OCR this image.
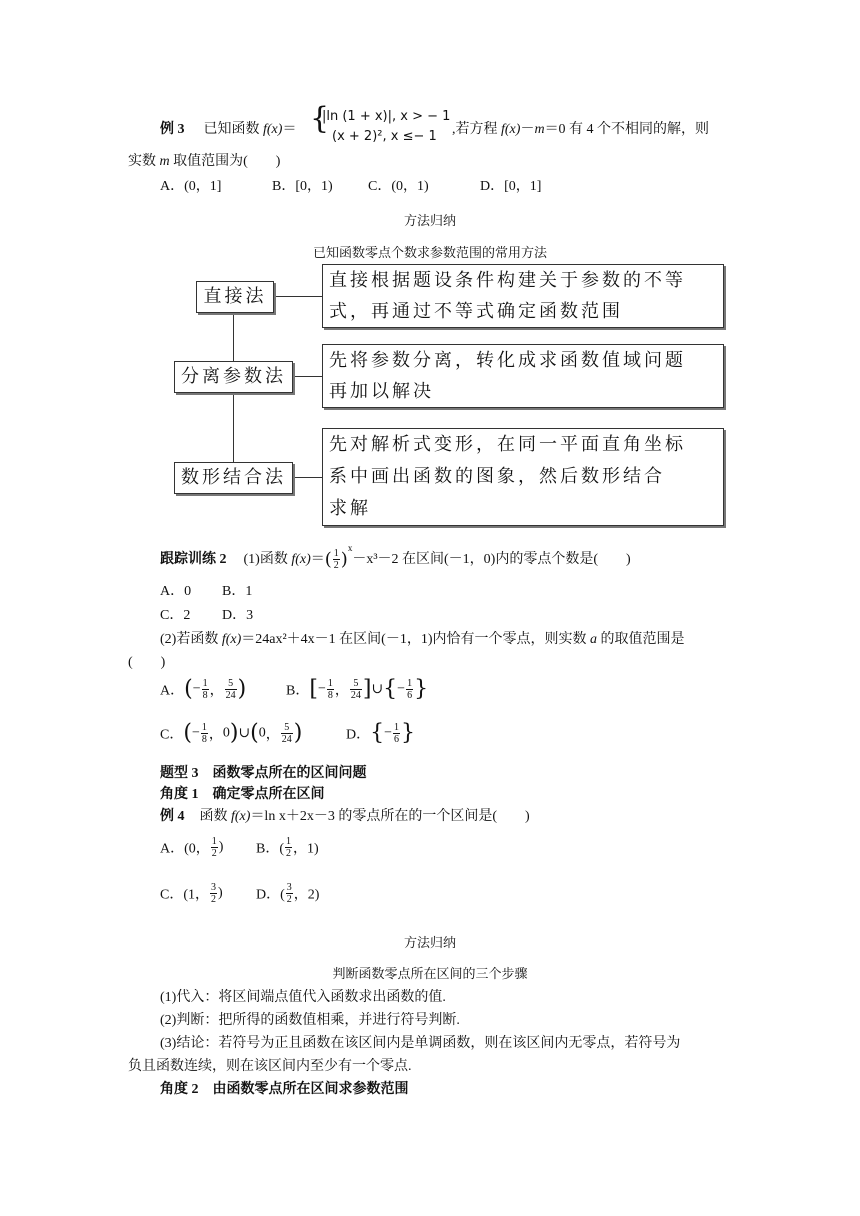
例 3 已知函数 f(x)＝ {
|ln (1 + x)|, x > − 1
(x + 2)², x ≤− 1 ,若方程 f(x)－m＝0 有 4 个不相同的解，则
实数 m 取值范围为(　　)
A．(0，1]	B．[0，1)	C．(0，1)	D．[0，1]
方法归纳
已知函数零点个数求参数范围的常用方法
直接法
直接根据题设条件构建关于参数的不等
式，再通过不等式确定函数范围
分离参数法
先将参数分离，转化成求函数值域问题
再加以解决
数形结合法
先对解析式变形，在同一平面直角坐标
系中画出函数的图象，然后数形结合
求解
跟踪训练 2 (1)函数 $f(x)=( \frac{1}{2} )^x-x^3-2$ 在区间(－1，0)内的零点个数是(　　)
A．0 B．1
C．2 D．3
(2)若函数 f(x)＝24ax²＋4x－1 在区间(－1，1)内恰有一个零点，则实数 a 的取值范围是
(　　)
A．(− $\frac{1}{8}$ ， $\frac{5}{24}$ )	B．[− $\frac{1}{8}$ ， $\frac{5}{24}$ ]∪{− $\frac{1}{6}$ }
C．(− $\frac{1}{8}$ ，0)∪(0， $\frac{5}{24}$ )	D．{− $\frac{1}{6}$ }
题型 3　函数零点所在的区间问题
角度 1　确定零点所在区间
例 4 函数 f(x)＝ln x＋2x－3 的零点所在的一个区间是(　　)
A．(0， $\frac{1}{2}$ ) B．( $\frac{1}{2}$ ，1)
C．(1， $\frac{3}{2}$ ) D．( $\frac{3}{2}$ ，2)
方法归纳
判断函数零点所在区间的三个步骤
(1)代入：将区间端点值代入函数求出函数的值.
(2)判断：把所得的函数值相乘，并进行符号判断.
(3)结论：若符号为正且函数在该区间内是单调函数，则在该区间内无零点，若符号为
负且函数连续，则在该区间内至少有一个零点.
角度 2　由函数零点所在区间求参数范围
